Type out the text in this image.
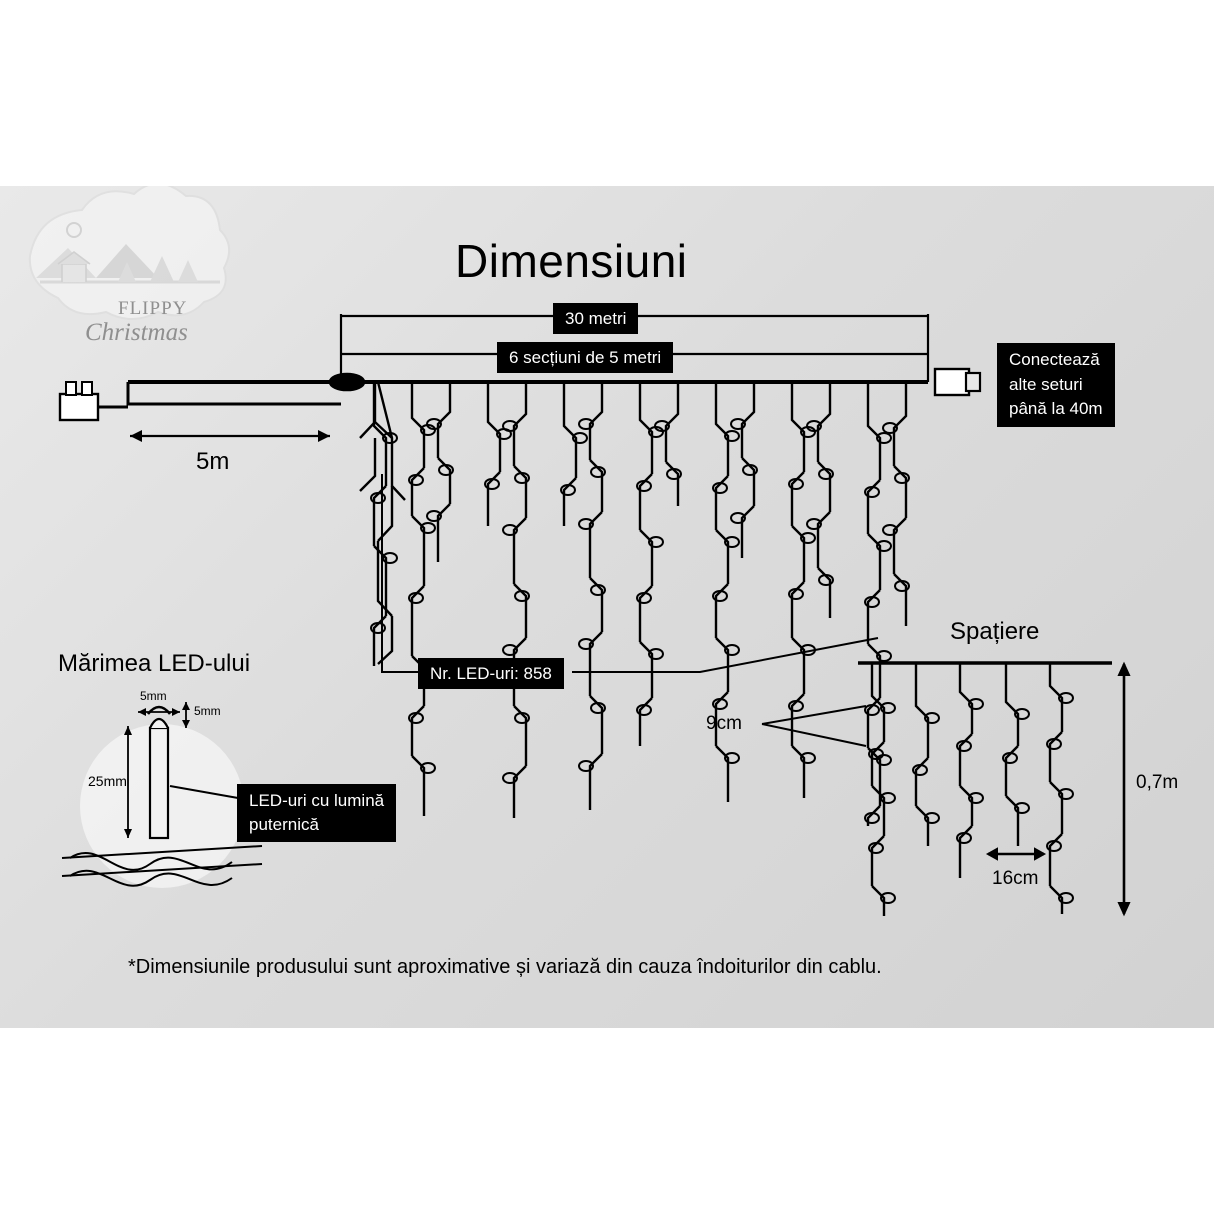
FLIPPY
Christmas
Dimensiuni
30 metri
6 secțiuni de 5 metri	Conectează
alte seturi
până la 40m
Nr. LED-uri: 858
LED-uri cu lumină
puternică
5m
Mărimea LED-ului
5mm
5mm
25mm
Spațiere
9cm
0,7m
16cm
*Dimensiunile produsului sunt aproximative și variază din cauza îndoiturilor din cablu.
